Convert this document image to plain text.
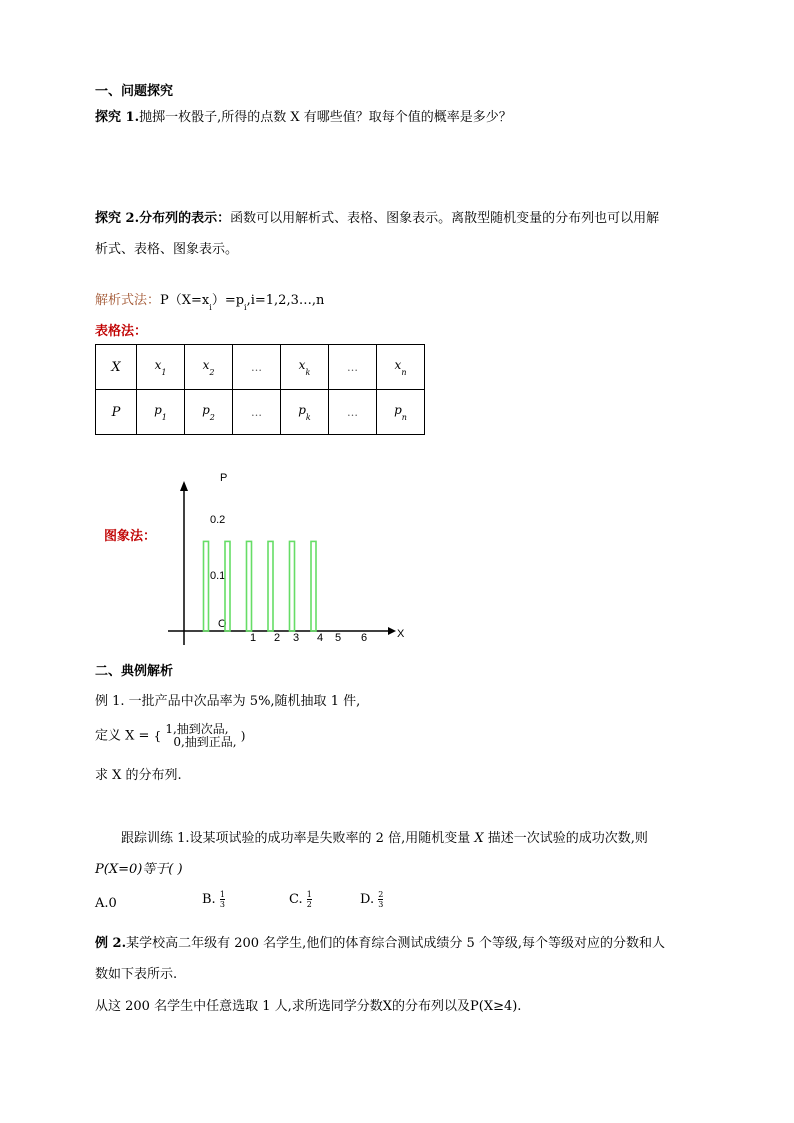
一、问题探究
探究 1.抛掷一枚骰子,所得的点数 X 有哪些值？取每个值的概率是多少？
探究 2.分布列的表示：函数可以用解析式、表格、图象表示。离散型随机变量的分布列也可以用解
析式、表格、图象表示。
解析式法：$P(X=x_i)=p_i,i=1,2,3\dots,n$
表格法：
X	$x_1$	$x_2$	…	$x_k$	…	$x_n$
P	$p_1$	$p_2$	…	$p_k$	…	$p_n$
图象法：
P
X
O
0.1
0.2
1 2 3 4 5 6
二、典例解析
例 1. 一批产品中次品率为 5%,随机抽取 1 件,
定义 X = { 1,抽到次品,
0,抽到正品, )
求 X 的分布列.
跟踪训练 1.设某项试验的成功率是失败率的 2 倍,用随机变量 X 描述一次试验的成功次数,则
P(X=0)等于( )
A.0	B. $\frac{1}{3}$	C. $\frac{1}{2}$	D. $\frac{2}{3}$
例 2.某学校高二年级有 200 名学生,他们的体育综合测试成绩分 5 个等级,每个等级对应的分数和人
数如下表所示.
从这 200 名学生中任意选取 1 人,求所选同学分数X的分布列以及P(X≥4).
